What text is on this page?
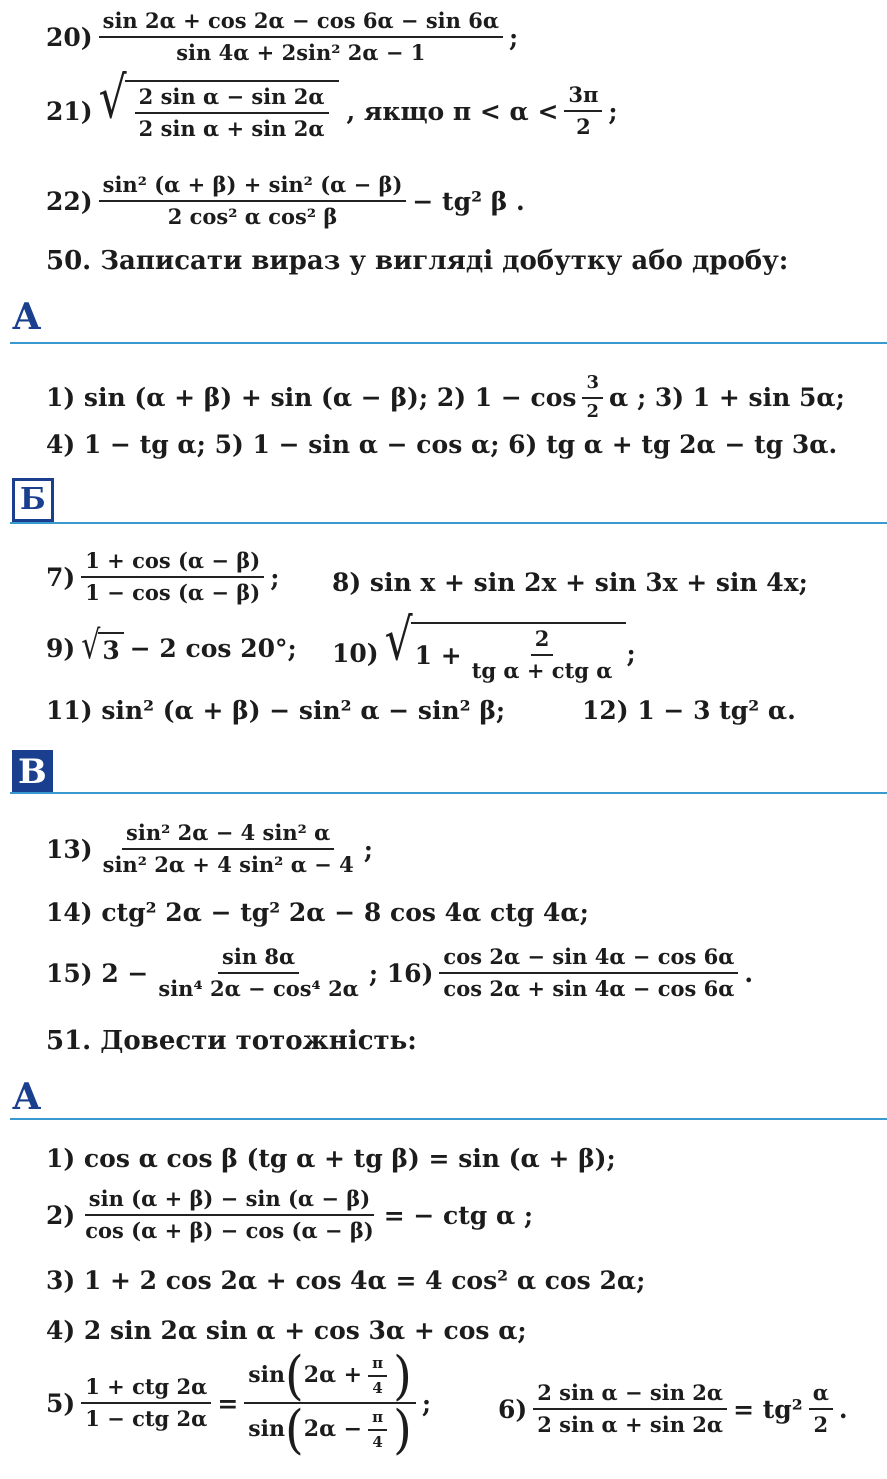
$20) \frac{\sin 2\alpha + \cos 2\alpha - \cos 6\alpha - \sin 6\alpha}{\text{sin 4α + 2sin² 2α − 1}}$ ;
21) √ $\frac{\text{2 sin α − sin 2α}}{\text{2 sin α + sin 2α}}$ , якщо $\pi < \alpha < \frac{3\pi}{2}$ ;
$22) \frac{\text{sin² (α + β) + sin² (α − β)}}{\text{2 cos² α cos² β}} - tg^2$ β .
50. Записати вираз у вигляді добутку або дробу:
А
1) sin (α + β) + sin (α − β); 2) $1 - \cos \frac{3}{2}$ α ; 3) 1 + sin 5α;
4) 1 − tg α; 5) 1 − sin α − cos α; 6) tg α + tg 2α − tg 3α.
Б
$7) \frac{1 + \cos (\alpha - \beta)}{1 - \cos (\alpha - \beta)}$ ; 8) sin x + sin 2x + sin 3x + sin 4x;
9) √ 3 − 2 cos 20°; 10) √ $1 + \frac{2}{\text{tg α + ctg α}}$ ;
11) sin² (α + β) − sin² α − sin² β;	12) 1 − 3 tg² α.
В
$13) \frac{\text{sin² 2α − 4 sin² α}}{\text{sin² 2α + 4 sin² α − 4}}$ ;
14) ctg² 2α − tg² 2α − 8 cos 4α ctg 4α;
15) $2 - \frac{\sin 8\alpha}{\text{sin⁴ 2α − cos⁴ 2α}}$ ; $16) \frac{\cos 2\alpha - \sin 4\alpha - \cos 6\alpha}{\cos 2\alpha + \sin 4\alpha - \cos 6\alpha}$ .
51. Довести тотожність:
А
1) cos α cos β (tg α + tg β) = sin (α + β);
$2) \frac{\sin (\alpha + \beta) - \sin (\alpha - \beta)}{\cos (\alpha + \beta) - \cos (\alpha - \beta)}$ = − ctg α ;
3) 1 + 2 cos 2α + cos 4α = 4 cos² α cos 2α;
4) 2 sin 2α sin α + cos 3α + cos α;
$5) \frac{\text{1 + ctg 2α}}{\text{1 − ctg 2α}}$ =
sin ( $2\alpha + \frac{\pi}{4}$ )
sin ( $2\alpha - \frac{\pi}{4}$ ) ;	$6) \frac{\text{2 sin α − sin 2α}}{\text{2 sin α + sin 2α}} = tg^2 \frac{\alpha}{2}$ .
